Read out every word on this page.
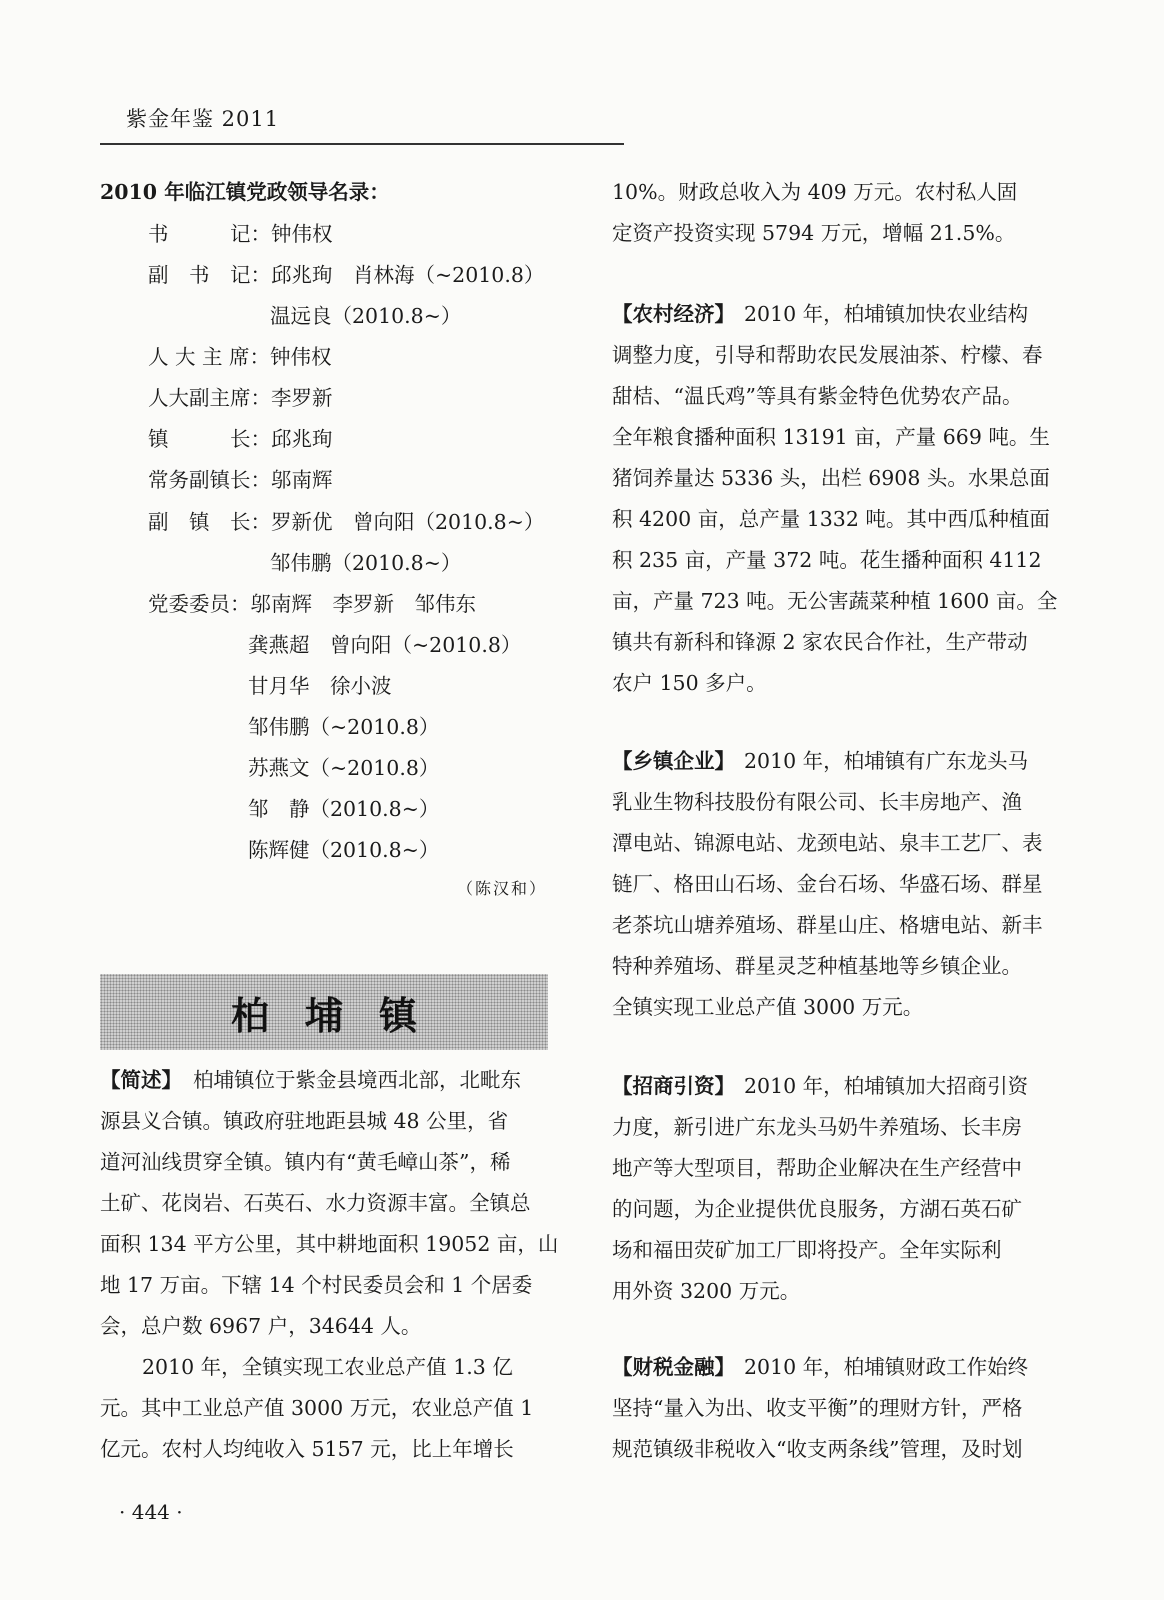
紫金年鉴 2011
2010 年临江镇党政领导名录：
书　　　记：钟伟权
副　书　记：邱兆珣　肖林海（~2010.8）
温远良（2010.8~）
人 大 主 席：钟伟权
人大副主席：李罗新
镇　　　长：邱兆珣
常务副镇长：邬南辉
副　镇　长：罗新优　曾向阳（2010.8~）
邹伟鹏（2010.8~）
党委委员：邬南辉　李罗新　邹伟东
龚燕超　曾向阳（~2010.8）
甘月华　徐小波
邹伟鹏（~2010.8）
苏燕文（~2010.8）
邹　静（2010.8~）
陈辉健（2010.8~）
（陈汉和）
【简述】 柏埔镇位于紫金县境西北部，北毗东
源县义合镇。镇政府驻地距县城 48 公里，省
道河汕线贯穿全镇。镇内有“黄毛嶂山茶”，稀
土矿、花岗岩、石英石、水力资源丰富。全镇总
面积 134 平方公里，其中耕地面积 19052 亩，山
地 17 万亩。下辖 14 个村民委员会和 1 个居委
会，总户数 6967 户，34644 人。
2010 年，全镇实现工农业总产值 1.3 亿
元。其中工业总产值 3000 万元，农业总产值 1
亿元。农村人均纯收入 5157 元，比上年增长
柏埔镇
10%。财政总收入为 409 万元。农村私人固
定资产投资实现 5794 万元，增幅 21.5%。
【农村经济】 2010 年，柏埔镇加快农业结构
调整力度，引导和帮助农民发展油茶、柠檬、春
甜桔、“温氏鸡”等具有紫金特色优势农产品。
全年粮食播种面积 13191 亩，产量 669 吨。生
猪饲养量达 5336 头，出栏 6908 头。水果总面
积 4200 亩，总产量 1332 吨。其中西瓜种植面
积 235 亩，产量 372 吨。花生播种面积 4112
亩，产量 723 吨。无公害蔬菜种植 1600 亩。全
镇共有新科和锋源 2 家农民合作社，生产带动
农户 150 多户。
【乡镇企业】 2010 年，柏埔镇有广东龙头马
乳业生物科技股份有限公司、长丰房地产、渔
潭电站、锦源电站、龙颈电站、泉丰工艺厂、表
链厂、格田山石场、金台石场、华盛石场、群星
老茶坑山塘养殖场、群星山庄、格塘电站、新丰
特种养殖场、群星灵芝种植基地等乡镇企业。
全镇实现工业总产值 3000 万元。
【招商引资】 2010 年，柏埔镇加大招商引资
力度，新引进广东龙头马奶牛养殖场、长丰房
地产等大型项目，帮助企业解决在生产经营中
的问题，为企业提供优良服务，方湖石英石矿
场和福田荧矿加工厂即将投产。全年实际利
用外资 3200 万元。
【财税金融】 2010 年，柏埔镇财政工作始终
坚持“量入为出、收支平衡”的理财方针，严格
规范镇级非税收入“收支两条线”管理，及时划
· 444 ·
